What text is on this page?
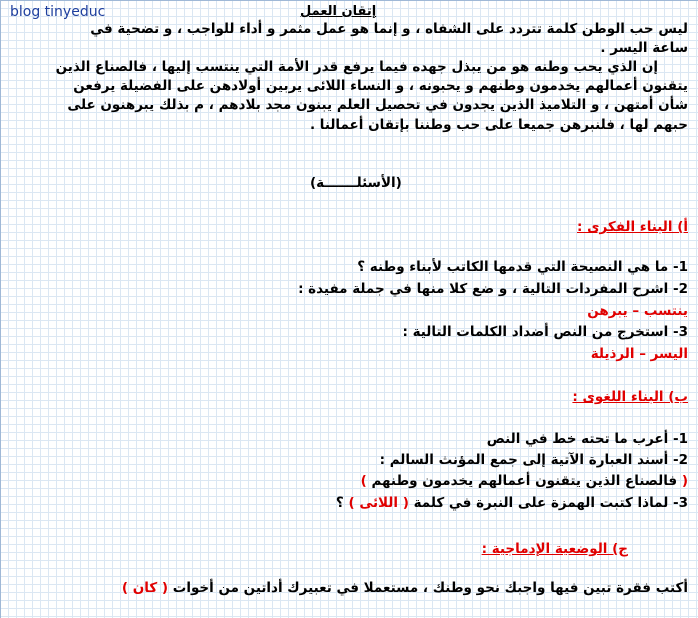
blog tinyeduc	إتقان العمل
ليس حب الوطن كلمة تتردد على الشفاه ، و إنما هو عمل مثمر و أداء للواجب ، و تضحية في
ساعة اليسر .
إن الذي يحب وطنه هو من يبذل جهده فيما يرفع قدر الأمة التي ينتسب إليها ، فالصناع الذين
يتقنون أعمالهم يخدمون وطنهم و يحبونه ، و النساء اللائى يربين أولادهن على الفضيلة يرفعن
شأن أمتهن ، و التلاميذ الذين يجدون في تحصيل العلم يبنون مجد بلادهم ، م بذلك يبرهنون على
حبهم لها ، فلنبرهن جميعا على حب وطننا بإتقان أعمالنا .
(الأسئلـــــــة)
أ) البناء الفكرى :
1- ما هي النصيحة التي قدمها الكاتب لأبناء وطنه ؟
2- اشرح المفردات التالية ، و ضع كلا منها في جملة مفيدة :
ينتسب – يبرهن
3- استخرج من النص أضداد الكلمات التالية :
اليسر – الرذيلة
ب) البناء اللغوى :
1- أعرب ما تحته خط في النص
2- أسند العبارة الآتية إلى جمع المؤنث السالم :
( فالصناع الذين يتقنون أعمالهم يخدمون وطنهم )
3- لماذا كتبت الهمزة على النبرة في كلمة ( اللائى ) ؟
ج) الوضعية الإدماجية :
أكتب فقرة تبين فيها واجبك نحو وطنك ، مستعملا في تعبيرك أداتين من أخوات ( كان )
